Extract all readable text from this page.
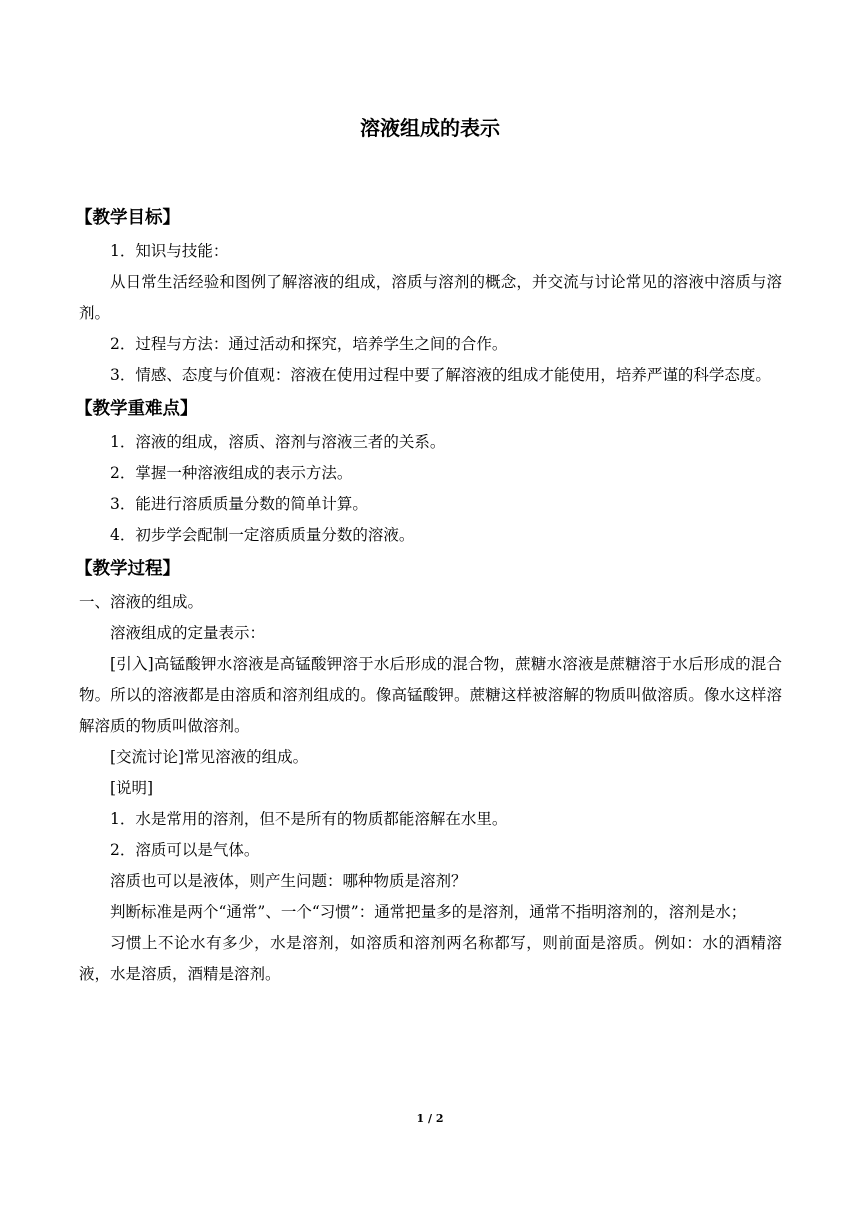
溶液组成的表示
【教学目标】

1．知识与技能：

从日常生活经验和图例了解溶液的组成，溶质与溶剂的概念，并交流与讨论常见的溶液中溶质与溶剂。

2．过程与方法：通过活动和探究，培养学生之间的合作。

3．情感、态度与价值观：溶液在使用过程中要了解溶液的组成才能使用，培养严谨的科学态度。

【教学重难点】

1．溶液的组成，溶质、溶剂与溶液三者的关系。

2．掌握一种溶液组成的表示方法。

3．能进行溶质质量分数的简单计算。

4．初步学会配制一定溶质质量分数的溶液。

【教学过程】

一、溶液的组成。

溶液组成的定量表示：

[引入]高锰酸钾水溶液是高锰酸钾溶于水后形成的混合物，蔗糖水溶液是蔗糖溶于水后形成的混合物。所以的溶液都是由溶质和溶剂组成的。像高锰酸钾。蔗糖这样被溶解的物质叫做溶质。像水这样溶解溶质的物质叫做溶剂。

[交流讨论]常见溶液的组成。

[说明]

1．水是常用的溶剂，但不是所有的物质都能溶解在水里。

2．溶质可以是气体。

溶质也可以是液体，则产生问题：哪种物质是溶剂？

判断标准是两个“通常”、一个“习惯”：通常把量多的是溶剂，通常不指明溶剂的，溶剂是水；

习惯上不论水有多少，水是溶剂，如溶质和溶剂两名称都写，则前面是溶质。例如：水的酒精溶液，水是溶质，酒精是溶剂。

1 / 2
